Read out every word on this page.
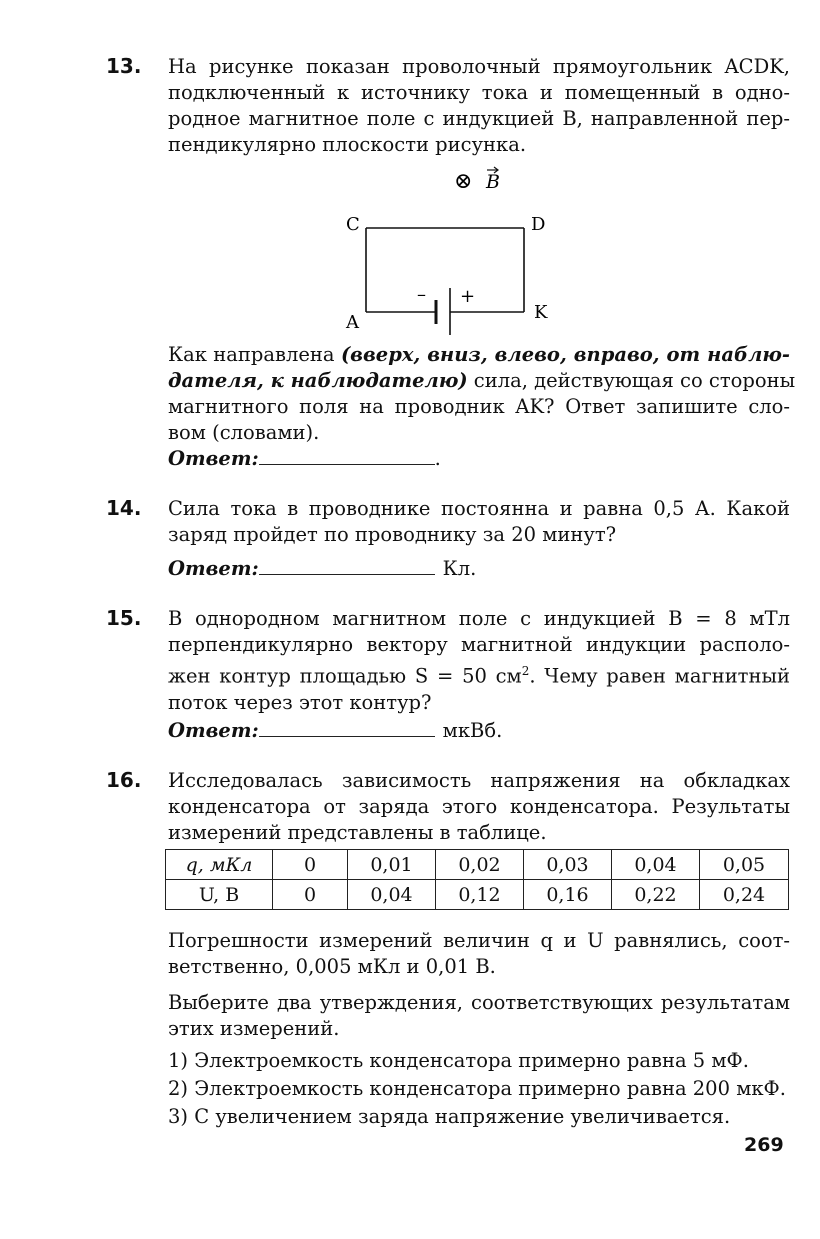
13. На рисунке показан проволочный прямоугольник ACDK,
подключенный к источнику тока и помещенный в одно-
родное магнитное поле с индукцией B, направленной пер-
пендикулярно плоскости рисунка.
⊗ B
C	D
A	K
– +
Как направлена (вверх, вниз, влево, вправо, от наблю-
дателя, к наблюдателю) сила, действующая со стороны
магнитного поля на проводник AK? Ответ запишите сло-
вом (словами).
Ответ:	.
14. Сила тока в проводнике постоянна и равна 0,5 А. Какой
заряд пройдет по проводнику за 20 минут?
Ответ:	Кл.
15. В однородном магнитном поле с индукцией B = 8 мТл
перпендикулярно вектору магнитной индукции располо-
жен контур площадью S = 50 $см^2$. Чему равен магнитный
поток через этот контур?
Ответ:	мкВб.
16. Исследовалась зависимость напряжения на обкладках
конденсатора от заряда этого конденсатора. Результаты
измерений представлены в таблице.
q, мКл	0	0,01	0,02	0,03	0,04	0,05
U, В	0	0,04	0,12	0,16	0,22	0,24
Погрешности измерений величин q и U равнялись, соот-
ветственно, 0,005 мКл и 0,01 В.
Выберите два утверждения, соответствующих результатам
этих измерений.
1) Электроемкость конденсатора примерно равна 5 мФ.
2) Электроемкость конденсатора примерно равна 200 мкФ.
3) С увеличением заряда напряжение увеличивается.
269
